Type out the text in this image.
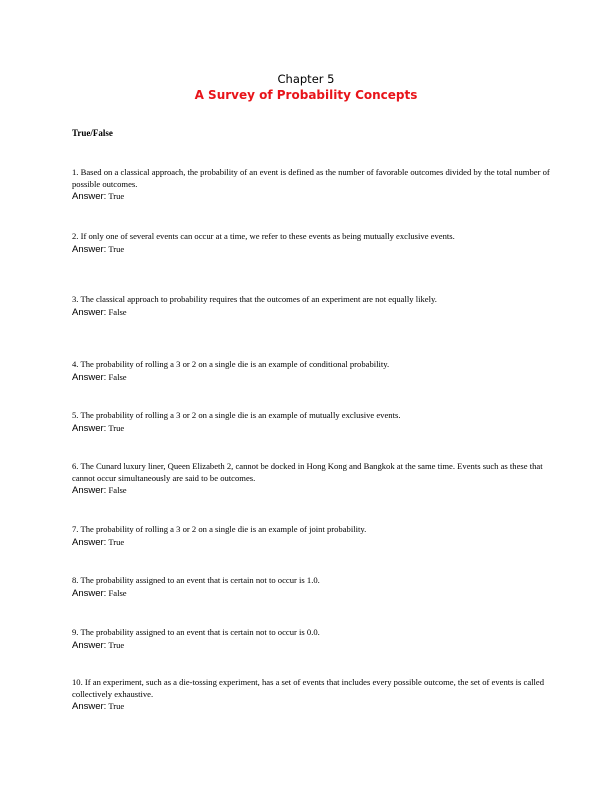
Chapter 5
A Survey of Probability Concepts
True/False
1. Based on a classical approach, the probability of an event is defined as the number of favorable outcomes divided by the total number of possible outcomes.
Answer: True
2. If only one of several events can occur at a time, we refer to these events as being mutually exclusive events.
Answer: True
3. The classical approach to probability requires that the outcomes of an experiment are not equally likely.
Answer: False
4. The probability of rolling a 3 or 2 on a single die is an example of conditional probability.
Answer: False
5. The probability of rolling a 3 or 2 on a single die is an example of mutually exclusive events.
Answer: True
6. The Cunard luxury liner, Queen Elizabeth 2, cannot be docked in Hong Kong and Bangkok at the same time. Events such as these that cannot occur simultaneously are said to be outcomes.
Answer: False
7. The probability of rolling a 3 or 2 on a single die is an example of joint probability.
Answer: True
8. The probability assigned to an event that is certain not to occur is 1.0.
Answer: False
9. The probability assigned to an event that is certain not to occur is 0.0.
Answer: True
10. If an experiment, such as a die-tossing experiment, has a set of events that includes every possible outcome, the set of events is called collectively exhaustive.
Answer: True
